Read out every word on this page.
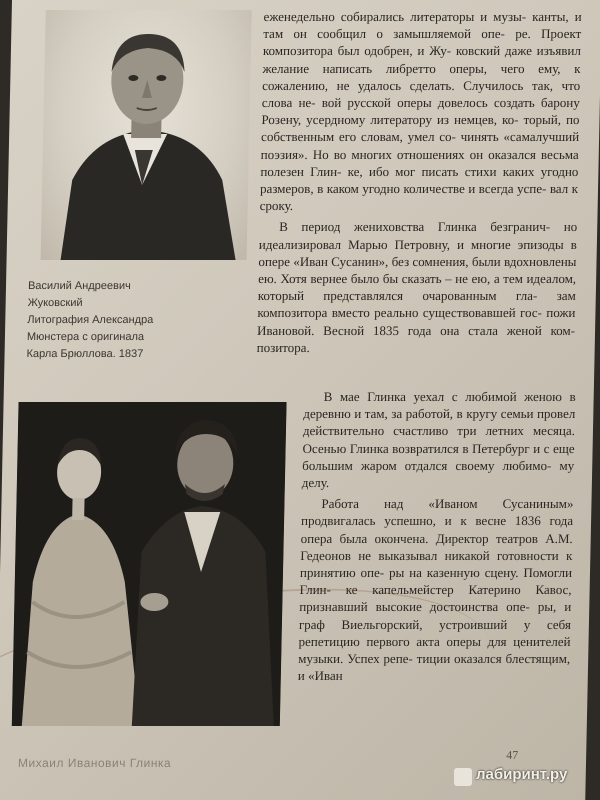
Василий Андреевич
Жуковский
Литография Александра
Мюнстера с оригинала
Карла Брюллова. 1837

еженедельно собирались литераторы и музы- канты, и там он сообщил о замышляемой опе- ре. Проект композитора был одобрен, и Жу- ковский даже изъявил желание написать либретто оперы, чего ему, к сожалению, не удалось сделать. Случилось так, что слова не- вой русской оперы довелось создать барону Розену, усердному литератору из немцев, ко- торый, по собственным его словам, умел со- чинять «самалучший поэзия». Но во многих отношениях он оказался весьма полезен Глин- ке, ибо мог писать стихи каких угодно размеров, в каком угодно количестве и всегда успе- вал к сроку.

В период жениховства Глинка безгранич- но идеализировал Марью Петровну, и многие эпизоды в опере «Иван Сусанин», без сомнения, были вдохновлены ею. Хотя вернее было бы сказать – не ею, а тем идеалом, который представлялся очарованным гла- зам композитора вместо реально существовавшей гос- пожи Ивановой. Весной 1835 года она стала женой ком- позитора.

В мае Глинка уехал с любимой женою в деревню и там, за работой, в кругу семьи провел действительно счастливо три летних месяца. Осенью Глинка возвратился в Петербург и с еще большим жаром отдался своему любимо- му делу.

Работа над «Иваном Сусаниным» продвигалась успешно, и к весне 1836 года опера была окончена. Директор театров А.М. Гедеонов не выказывал никакой готовности к принятию опе- ры на казенную сцену. Помогли Глин- ке капельмейстер Катерино Кавос, признавший высокие достоинства опе- ры, и граф Виельгорский, устроивший у себя репетицию первого акта оперы для ценителей музыки. Успех репе- тиции оказался блестящим, и «Иван

Михаил Иванович Глинка
47
лабиринт.ру
